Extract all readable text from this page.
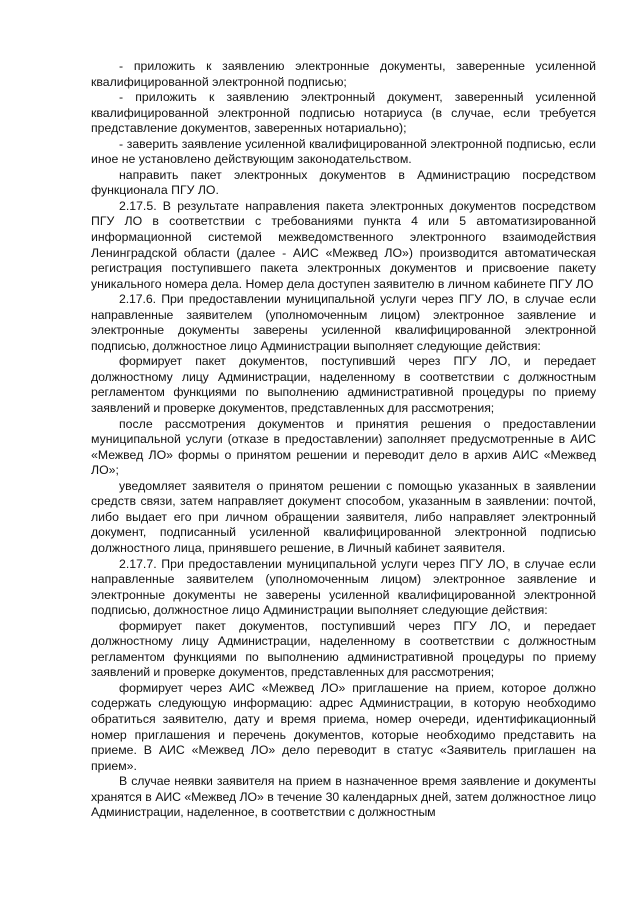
- приложить к заявлению электронные документы, заверенные усиленной квалифицированной электронной подписью;

- приложить к заявлению электронный документ, заверенный усиленной квалифицированной электронной подписью нотариуса (в случае, если требуется представление документов, заверенных нотариально);

- заверить заявление усиленной квалифицированной электронной подписью, если иное не установлено действующим законодательством.

направить пакет электронных документов в Администрацию посредством функционала ПГУ ЛО.

2.17.5. В результате направления пакета электронных документов посредством ПГУ ЛО в соответствии с требованиями пункта 4 или 5 автоматизированной информационной системой межведомственного электронного взаимодействия Ленинградской области (далее - АИС «Межвед ЛО») производится автоматическая регистрация поступившего пакета электронных документов и присвоение пакету уникального номера дела. Номер дела доступен заявителю в личном кабинете ПГУ ЛО

2.17.6. При предоставлении муниципальной услуги через ПГУ ЛО, в случае если направленные заявителем (уполномоченным лицом) электронное заявление и электронные документы заверены усиленной квалифицированной электронной подписью, должностное лицо Администрации выполняет следующие действия:

формирует пакет документов, поступивший через ПГУ ЛО, и передает должностному лицу Администрации, наделенному в соответствии с должностным регламентом функциями по выполнению административной процедуры по приему заявлений и проверке документов, представленных для рассмотрения;

после рассмотрения документов и принятия решения о предоставлении муниципальной услуги (отказе в предоставлении) заполняет предусмотренные в АИС «Межвед ЛО» формы о принятом решении и переводит дело в архив АИС «Межвед ЛО»;

уведомляет заявителя о принятом решении с помощью указанных в заявлении средств связи, затем направляет документ способом, указанным в заявлении: почтой, либо выдает его при личном обращении заявителя, либо направляет электронный документ, подписанный усиленной квалифицированной электронной подписью должностного лица, принявшего решение, в Личный кабинет заявителя.

2.17.7. При предоставлении муниципальной услуги через ПГУ ЛО, в случае если направленные заявителем (уполномоченным лицом) электронное заявление и электронные документы не заверены усиленной квалифицированной электронной подписью, должностное лицо Администрации выполняет следующие действия:

формирует пакет документов, поступивший через ПГУ ЛО, и передает должностному лицу Администрации, наделенному в соответствии с должностным регламентом функциями по выполнению административной процедуры по приему заявлений и проверке документов, представленных для рассмотрения;

формирует через АИС «Межвед ЛО» приглашение на прием, которое должно содержать следующую информацию: адрес Администрации, в которую необходимо обратиться заявителю, дату и время приема, номер очереди, идентификационный номер приглашения и перечень документов, которые необходимо представить на приеме. В АИС «Межвед ЛО» дело переводит в статус «Заявитель приглашен на прием».

В случае неявки заявителя на прием в назначенное время заявление и документы хранятся в АИС «Межвед ЛО» в течение 30 календарных дней, затем должностное лицо Администрации, наделенное, в соответствии с должностным
